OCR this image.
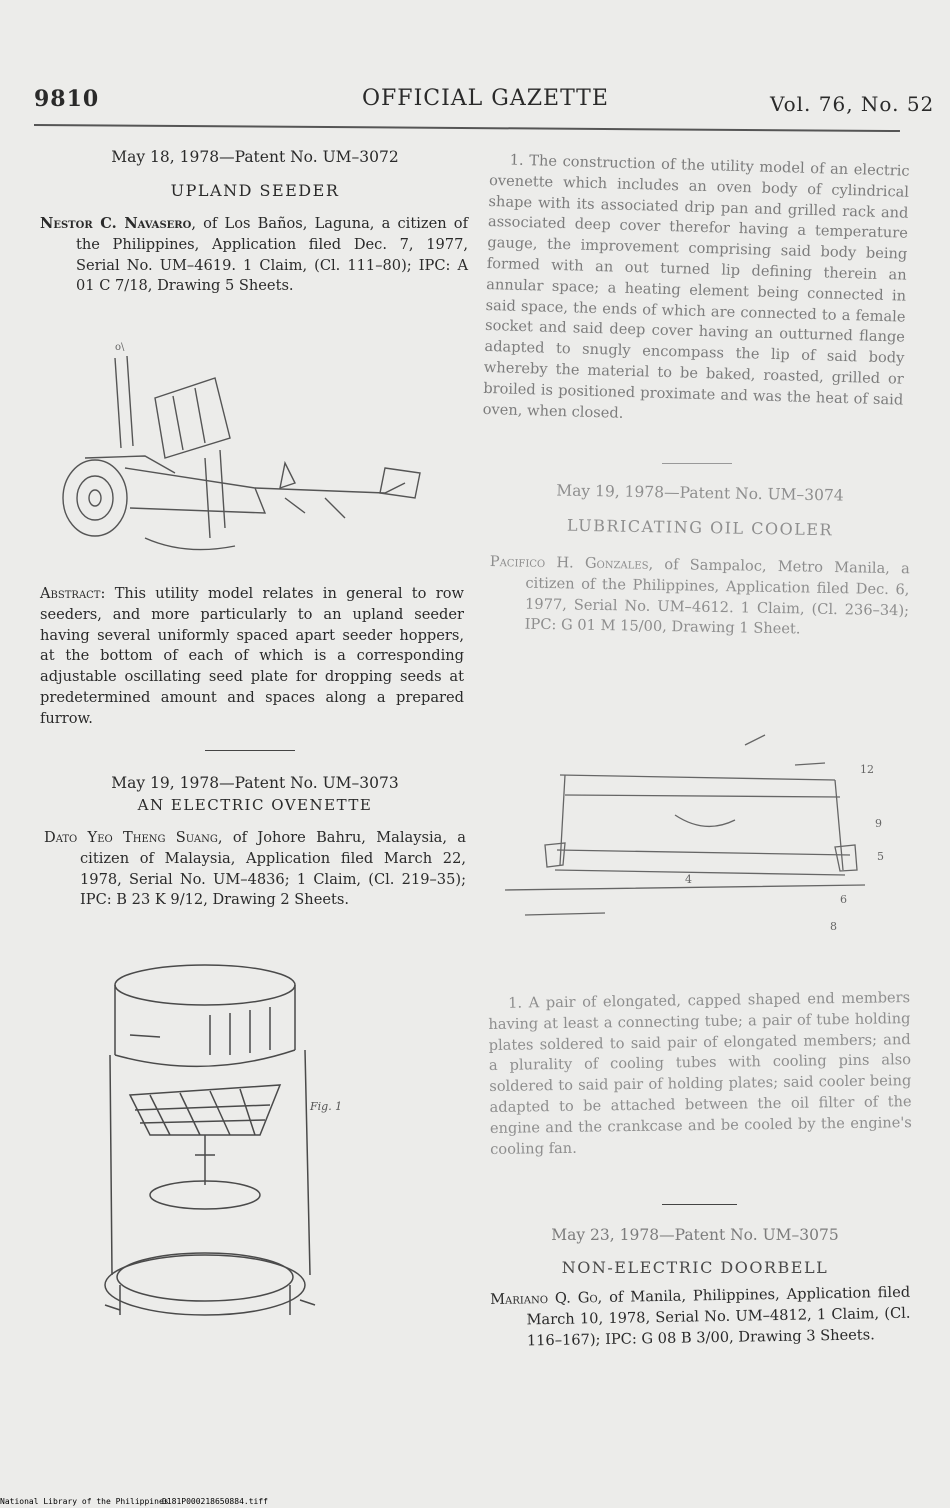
9810	OFFICIAL GAZETTE	Vol. 76, No. 52
May 18, 1978—Patent No. UM–3072
UPLAND SEEDER
Nestor C. Navasero, of Los Baños, Laguna, a citizen of the Philippines, Application filed Dec. 7, 1977, Serial No. UM–4619. 1 Claim, (Cl. 111–80); IPC: A 01 C 7/18, Drawing 5 Sheets.
o\
Abstract: This utility model relates in general to row seeders, and more particularly to an upland seeder having several uniformly spaced apart seeder hoppers, at the bottom of each of which is a corresponding adjustable oscillating seed plate for dropping seeds at predetermined amount and spaces along a prepared furrow.
May 19, 1978—Patent No. UM–3073
AN ELECTRIC OVENETTE
Dato Yeo Theng Suang, of Johore Bahru, Malaysia, a citizen of Malaysia, Application filed March 22, 1978, Serial No. UM–4836; 1 Claim, (Cl. 219–35); IPC: B 23 K 9/12, Drawing 2 Sheets.
Fig. 1
1. The construction of the utility model of an electric ovenette which includes an oven body of cylindrical shape with its associated drip pan and grilled rack and associated deep cover therefor having a temperature gauge, the improvement comprising said body being formed with an out turned lip defining therein an annular space; a heating element being connected in said space, the ends of which are connected to a female socket and said deep cover having an outturned flange adapted to snugly encompass the lip of said body whereby the material to be baked, roasted, grilled or broiled is positioned proximate and was the heat of said oven, when closed.
May 19, 1978—Patent No. UM–3074
LUBRICATING OIL COOLER
Pacifico H. Gonzales, of Sampaloc, Metro Manila, a citizen of the Philippines, Application filed Dec. 6, 1977, Serial No. UM–4612. 1 Claim, (Cl. 236–34); IPC: G 01 M 15/00, Drawing 1 Sheet.
12
9
5
6
4
8
1. A pair of elongated, capped shaped end members having at least a connecting tube; a pair of tube holding plates soldered to said pair of elongated members; and a plurality of cooling tubes with cooling pins also soldered to said pair of holding plates; said cooler being adapted to be attached between the oil filter of the engine and the crankcase and be cooled by the engine's cooling fan.
May 23, 1978—Patent No. UM–3075
NON-ELECTRIC DOORBELL
Mariano Q. Go, of Manila, Philippines, Application filed March 10, 1978, Serial No. UM–4812, 1 Claim, (Cl. 116–167); IPC: G 08 B 3/00, Drawing 3 Sheets.
National Library of the Philippines
D181P000218650884.tiff
